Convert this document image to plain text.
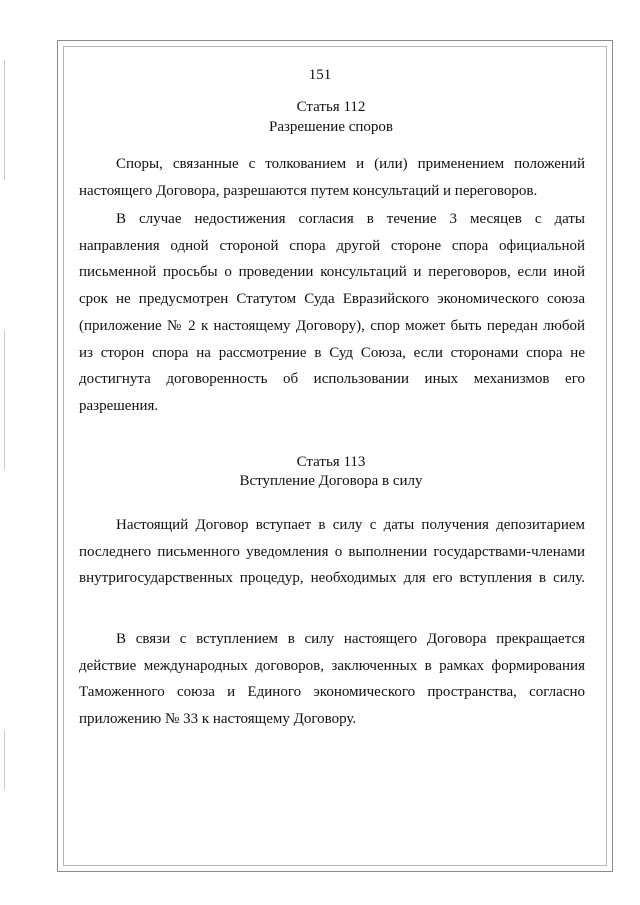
151
Статья 112
Разрешение споров

Споры, связанные с толкованием и (или) применением положений настоящего Договора, разрешаются путем консультаций и переговоров.

В случае недостижения согласия в течение 3 месяцев с даты направления одной стороной спора другой стороне спора официальной письменной просьбы о проведении консультаций и переговоров, если иной срок не предусмотрен Статутом Суда Евразийского экономического союза (приложение № 2 к настоящему Договору), спор может быть передан любой из сторон спора на рассмотрение в Суд Союза, если сторонами спора не достигнута договоренность об использовании иных механизмов его разрешения.

Статья 113
Вступление Договора в силу

Настоящий Договор вступает в силу с даты получения депозитарием последнего письменного уведомления о выполнении государствами-членами внутригосударственных процедур, необходимых для его вступления в силу.

В связи с вступлением в силу настоящего Договора прекращается действие международных договоров, заключенных в рамках формирования Таможенного союза и Единого экономического пространства, согласно приложению № 33 к настоящему Договору.
